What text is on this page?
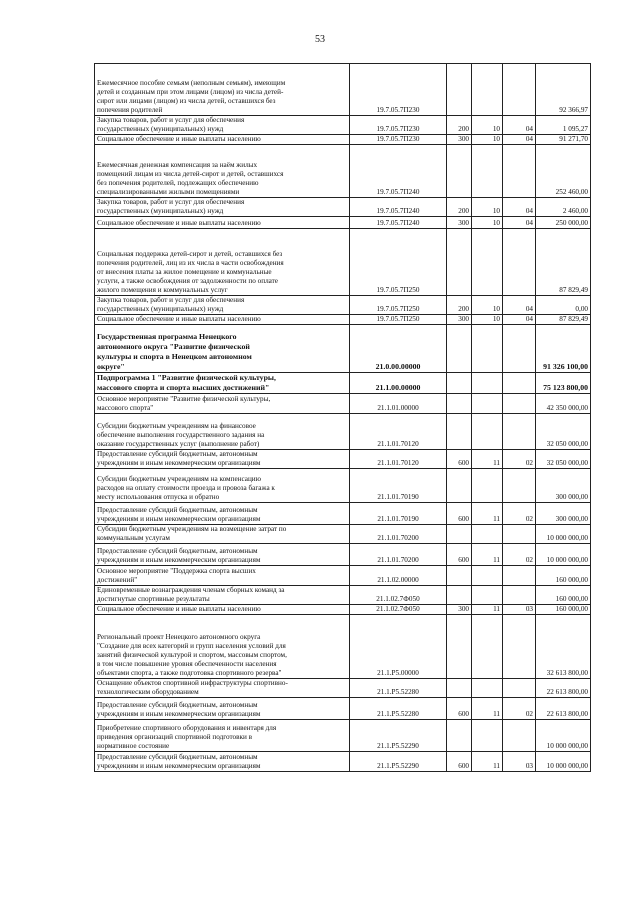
53
Ежемесячное пособие семьям (неполным семьям), имеющим
детей и созданным при этом лицами (лицом) из числа детей-
сирот или лицами (лицом) из числа детей, оставшихся без
попечения родителей	19.7.05.7П230				92 366,97

Закупка товаров, работ и услуг для обеспечения
государственных (муниципальных) нужд	19.7.05.7П230	200	10	04	1 095,27

Социальное обеспечение и иные выплаты населению	19.7.05.7П230	300	10	04	91 271,70

Ежемесячная денежная компенсация за наём жилых
помещений лицам из числа детей-сирот и детей, оставшихся
без попечения родителей, подлежащих обеспечению
специализированными жилыми помещениями	19.7.05.7П240				252 460,00

Закупка товаров, работ и услуг для обеспечения
государственных (муниципальных) нужд	19.7.05.7П240	200	10	04	2 460,00

Социальное обеспечение и иные выплаты населению	19.7.05.7П240	300	10	04	250 000,00

Социальная поддержка детей-сирот и детей, оставшихся без
попечения родителей, лиц из их числа в части освобождения
от внесения платы за жилое помещение и коммунальные
услуги, а также освобождения от задолженности по оплате
жилого помещения и коммунальных услуг	19.7.05.7П250				87 829,49

Закупка товаров, работ и услуг для обеспечения
государственных (муниципальных) нужд	19.7.05.7П250	200	10	04	0,00

Социальное обеспечение и иные выплаты населению	19.7.05.7П250	300	10	04	87 829,49

Государственная программа Ненецкого
автономного округа "Развитие физической
культуры и спорта в Ненецком автономном
округе"	21.0.00.00000				91 326 100,00

Подпрограмма 1 "Развитие физической культуры,
массового спорта и спорта высших достижений"	21.1.00.00000				75 123 800,00

Основное мероприятие "Развитие физической культуры,
массового спорта"	21.1.01.00000				42 350 000,00

Субсидии бюджетным учреждениям на финансовое
обеспечение выполнения государственного задания на
оказание государственных услуг (выполнение работ)	21.1.01.70120				32 050 000,00

Предоставление субсидий бюджетным, автономным
учреждениям и иным некоммерческим организациям	21.1.01.70120	600	11	02	32 050 000,00

Субсидии бюджетным учреждениям на компенсацию
расходов на оплату стоимости проезда и провоза багажа к
месту использования отпуска и обратно	21.1.01.70190				300 000,00

Предоставление субсидий бюджетным, автономным
учреждениям и иным некоммерческим организациям	21.1.01.70190	600	11	02	300 000,00

Субсидии бюджетным учреждениям на возмещение затрат по
коммунальным услугам	21.1.01.70200				10 000 000,00

Предоставление субсидий бюджетным, автономным
учреждениям и иным некоммерческим организациям	21.1.01.70200	600	11	02	10 000 000,00

Основное мероприятие "Поддержка спорта высших
достижений"	21.1.02.00000				160 000,00

Единовременные вознаграждения членам сборных команд за
достигнутые спортивные результаты	21.1.02.7Ф050				160 000,00

Социальное обеспечение и иные выплаты населению	21.1.02.7Ф050	300	11	03	160 000,00

Региональный проект Ненецкого автономного округа
"Создание для всех категорий и групп населения условий для
занятий физической культурой и спортом, массовым спортом,
в том числе повышение уровня обеспеченности населения
объектами спорта, а также подготовка спортивного резерва"	21.1.Р5.00000				32 613 800,00

Оснащение объектов спортивной инфраструктуры спортивно-
технологическим оборудованием	21.1.Р5.52280				22 613 800,00

Предоставление субсидий бюджетным, автономным
учреждениям и иным некоммерческим организациям	21.1.Р5.52280	600	11	02	22 613 800,00

Приобретение спортивного оборудования и инвентаря для
приведения организаций спортивной подготовки в
нормативное состояние	21.1.Р5.52290				10 000 000,00

Предоставление субсидий бюджетным, автономным
учреждениям и иным некоммерческим организациям	21.1.Р5.52290	600	11	03	10 000 000,00
